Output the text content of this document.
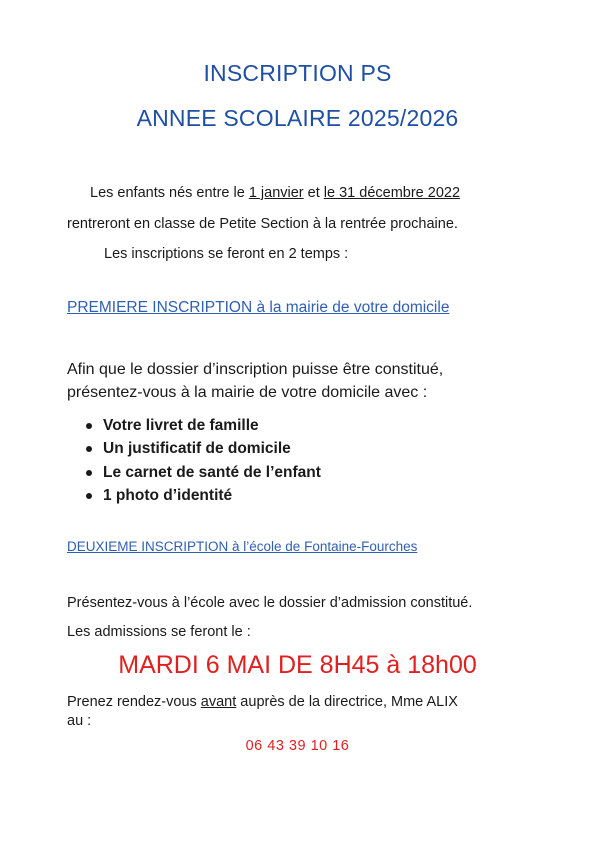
INSCRIPTION PS
ANNEE SCOLAIRE 2025/2026
Les enfants nés entre le 1 janvier et le 31 décembre 2022
rentreront en classe de Petite Section à la rentrée prochaine.
Les inscriptions se feront en 2 temps :
PREMIERE INSCRIPTION à la mairie de votre domicile
Afin que le dossier d’inscription puisse être constitué,
présentez-vous à la mairie de votre domicile avec :
Votre livret de famille
Un justificatif de domicile
Le carnet de santé de l’enfant
1 photo d’identité
DEUXIEME INSCRIPTION à l’école de Fontaine-Fourches
Présentez-vous à l’école avec le dossier d’admission constitué.
Les admissions se feront le :
MARDI 6 MAI DE 8H45 à 18h00
Prenez rendez-vous avant auprès de la directrice, Mme ALIX
au :
06 43 39 10 16
